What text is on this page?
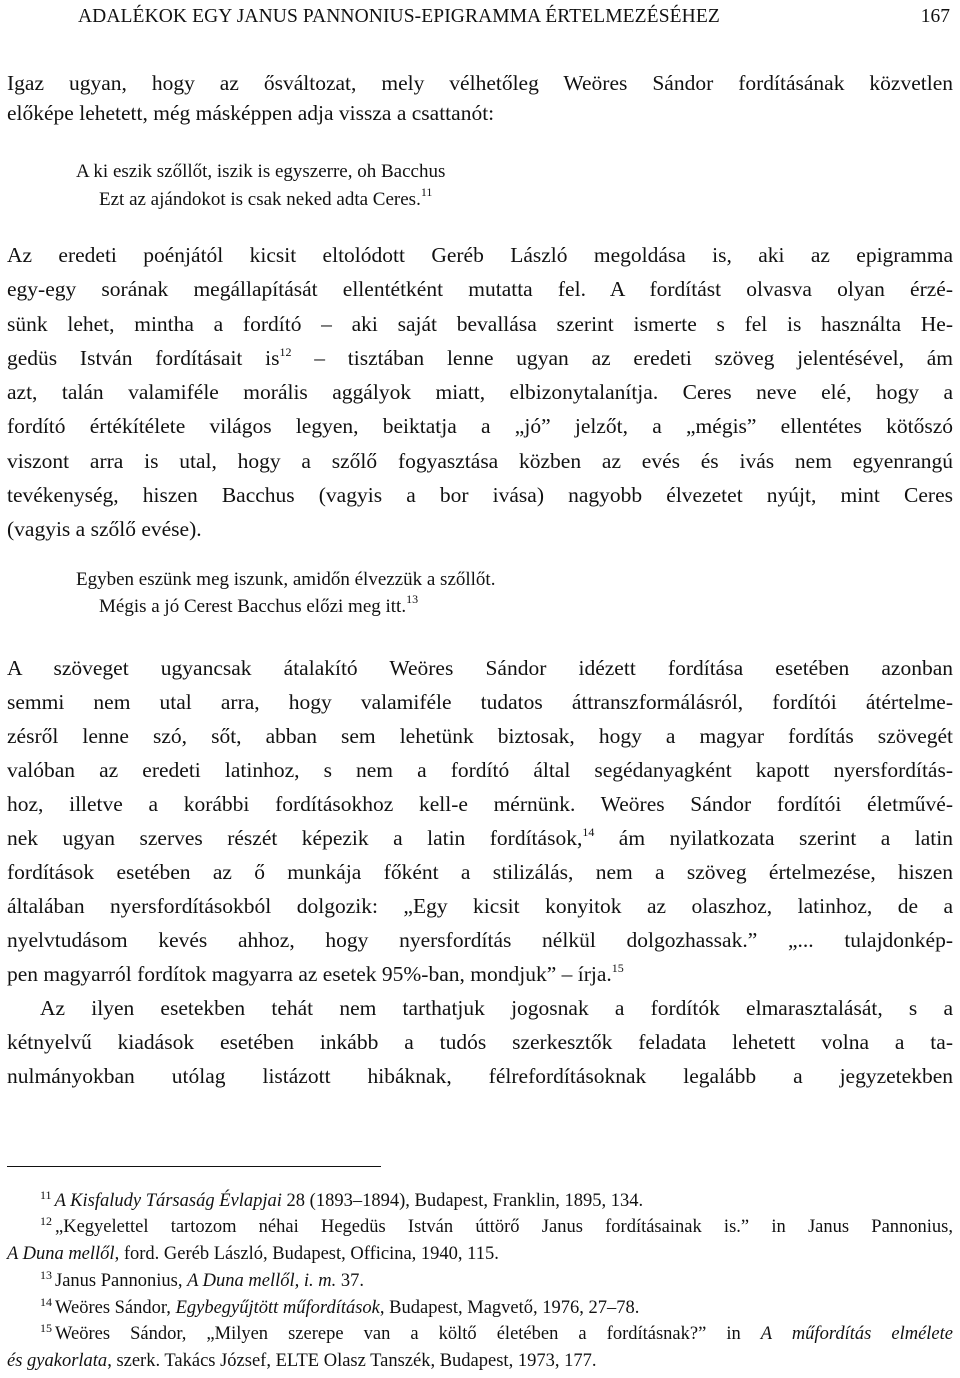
ADALÉKOK EGY JANUS PANNONIUS-EPIGRAMMA ÉRTELMEZÉSÉHEZ	167
Igaz ugyan, hogy az ősváltozat, mely vélhetőleg Weöres Sándor fordításának közvetlen
előképe lehetett, még másképpen adja vissza a csattanót:
A ki eszik szőllőt, iszik is egyszerre, oh Bacchus
Ezt az ajándokot is csak neked adta Ceres.$^{11}$
Az eredeti poénjától kicsit eltolódott Geréb László megoldása is, aki az epigramma
egy-egy sorának megállapítását ellentétként mutatta fel. A fordítást olvasva olyan érzé-
sünk lehet, mintha a fordító – aki saját bevallása szerint ismerte s fel is használta He-
gedüs István fordításait $is^{12}$ – tisztában lenne ugyan az eredeti szöveg jelentésével, ám
azt, talán valamiféle morális aggályok miatt, elbizonytalanítja. Ceres neve elé, hogy a
fordító értékítélete világos legyen, beiktatja a „jó” jelzőt, a „mégis” ellentétes kötőszó
viszont arra is utal, hogy a szőlő fogyasztása közben az evés és ivás nem egyenrangú
tevékenység, hiszen Bacchus (vagyis a bor ivása) nagyobb élvezetet nyújt, mint Ceres
(vagyis a szőlő evése).
Egyben eszünk meg iszunk, amidőn élvezzük a szőllőt.
Mégis a jó Cerest Bacchus előzi meg itt.$^{13}$
A szöveget ugyancsak átalakító Weöres Sándor idézett fordítása esetében azonban
semmi nem utal arra, hogy valamiféle tudatos áttranszformálásról, fordítói átértelme-
zésről lenne szó, sőt, abban sem lehetünk biztosak, hogy a magyar fordítás szövegét
valóban az eredeti latinhoz, s nem a fordító által segédanyagként kapott nyersfordítás-
hoz, illetve a korábbi fordításokhoz kell-e mérnünk. Weöres Sándor fordítói életművé-
nek ugyan szerves részét képezik a latin fordítások,$^{14}$ ám nyilatkozata szerint a latin
fordítások esetében az ő munkája főként a stilizálás, nem a szöveg értelmezése, hiszen
általában nyersfordításokból dolgozik: „Egy kicsit konyitok az olaszhoz, latinhoz, de a
nyelvtudásom kevés ahhoz, hogy nyersfordítás nélkül dolgozhassak.” „... tulajdonkép-
pen magyarról fordítok magyarra az esetek 95%-ban, mondjuk” – írja.$^{15}$
Az ilyen esetekben tehát nem tarthatjuk jogosnak a fordítók elmarasztalását, s a
kétnyelvű kiadások esetében inkább a tudós szerkesztők feladata lehetett volna a ta-
nulmányokban utólag listázott hibáknak, félrefordításoknak legalább a jegyzetekben
$^{11}$ A Kisfaludy Társaság Évlapjai 28 (1893–1894), Budapest, Franklin, 1895, 134.
$^{12}$ „Kegyelettel tartozom néhai Hegedüs István úttörő Janus fordításainak is.” in Janus Pannonius,
A Duna mellől, ford. Geréb László, Budapest, Officina, 1940, 115.
$^{13}$ Janus Pannonius, A Duna mellől, i. m. 37.
$^{14}$ Weöres Sándor, Egybegyűjtött műfordítások, Budapest, Magvető, 1976, 27–78.
$^{15}$ Weöres Sándor, „Milyen szerepe van a költő életében a fordításnak?” in A műfordítás elmélete
és gyakorlata, szerk. Takács József, ELTE Olasz Tanszék, Budapest, 1973, 177.
